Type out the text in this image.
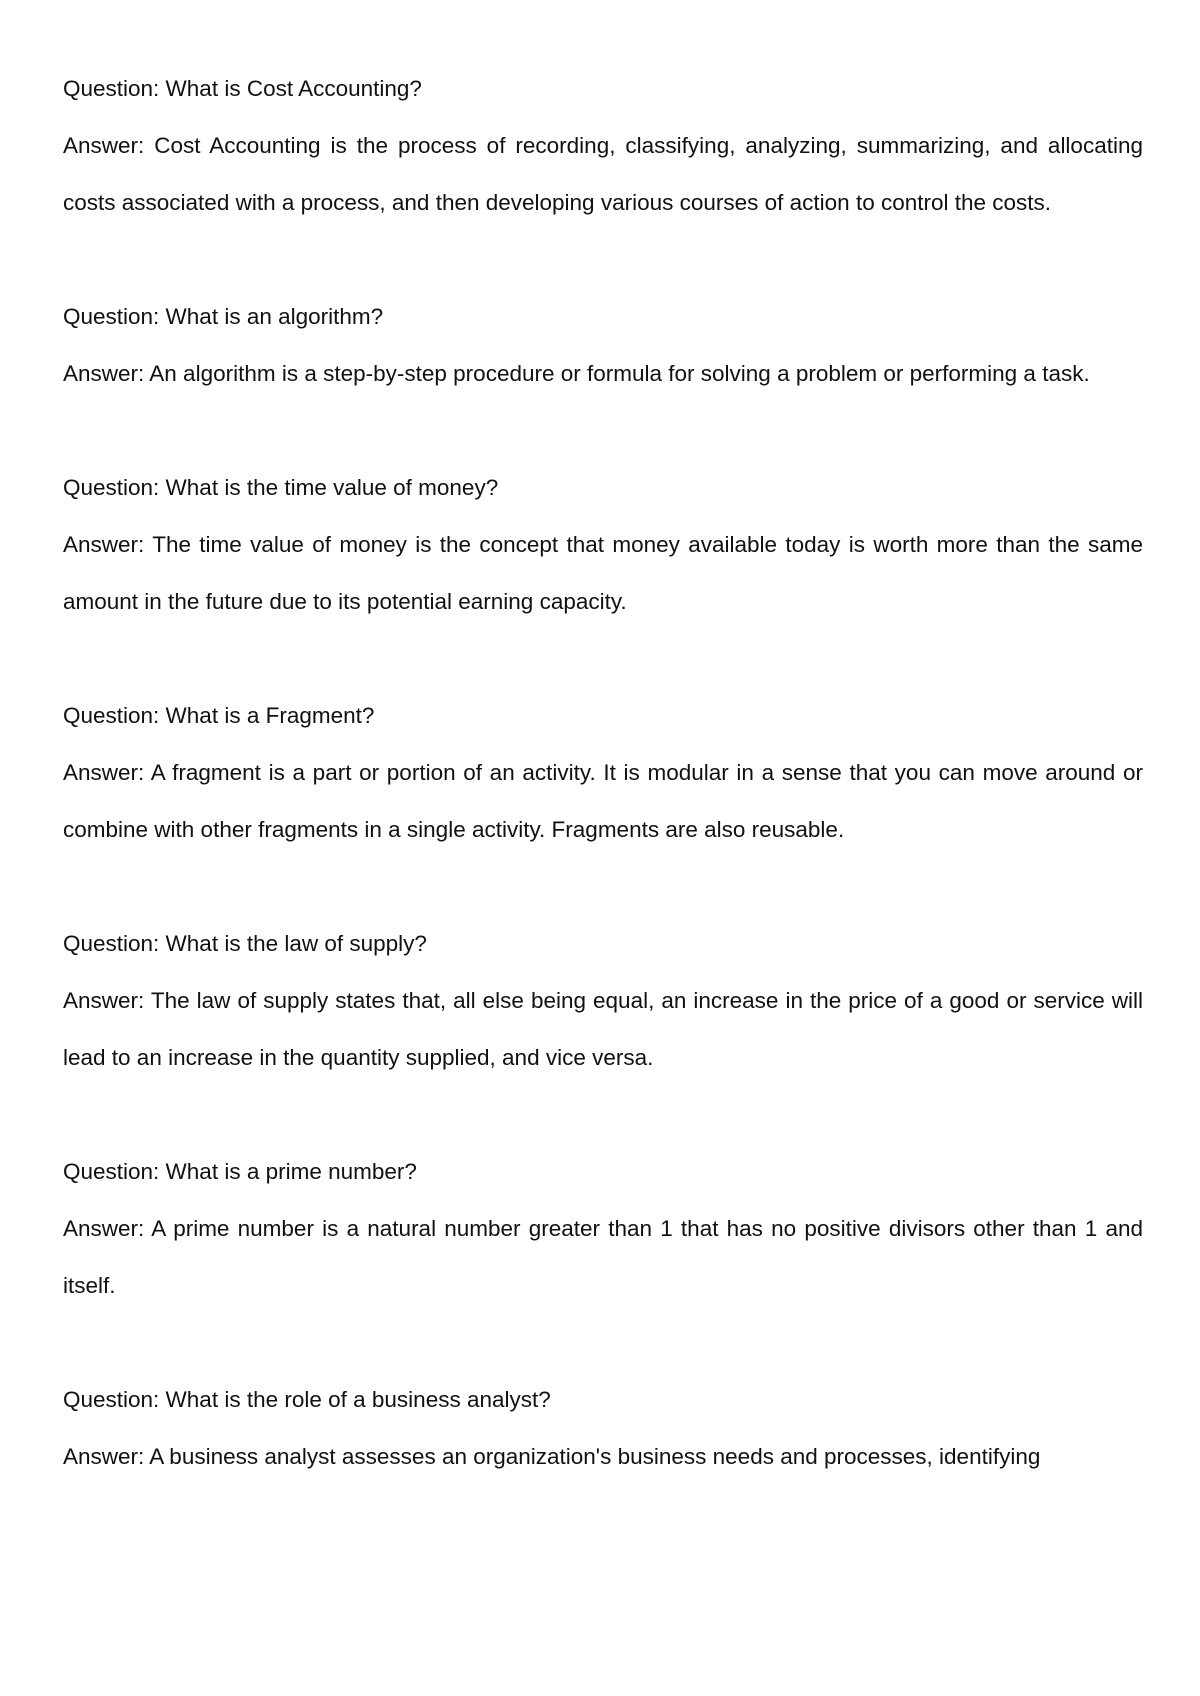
Question: What is Cost Accounting?

Answer: Cost Accounting is the process of recording, classifying, analyzing, summarizing, and allocating costs associated with a process, and then developing various courses of action to control the costs.

Question: What is an algorithm?

Answer: An algorithm is a step-by-step procedure or formula for solving a problem or performing a task.

Question: What is the time value of money?

Answer: The time value of money is the concept that money available today is worth more than the same amount in the future due to its potential earning capacity.

Question: What is a Fragment?

Answer: A fragment is a part or portion of an activity. It is modular in a sense that you can move around or combine with other fragments in a single activity. Fragments are also reusable.

Question: What is the law of supply?

Answer: The law of supply states that, all else being equal, an increase in the price of a good or service will lead to an increase in the quantity supplied, and vice versa.

Question: What is a prime number?

Answer: A prime number is a natural number greater than 1 that has no positive divisors other than 1 and itself.

Question: What is the role of a business analyst?

Answer: A business analyst assesses an organization's business needs and processes, identifying
